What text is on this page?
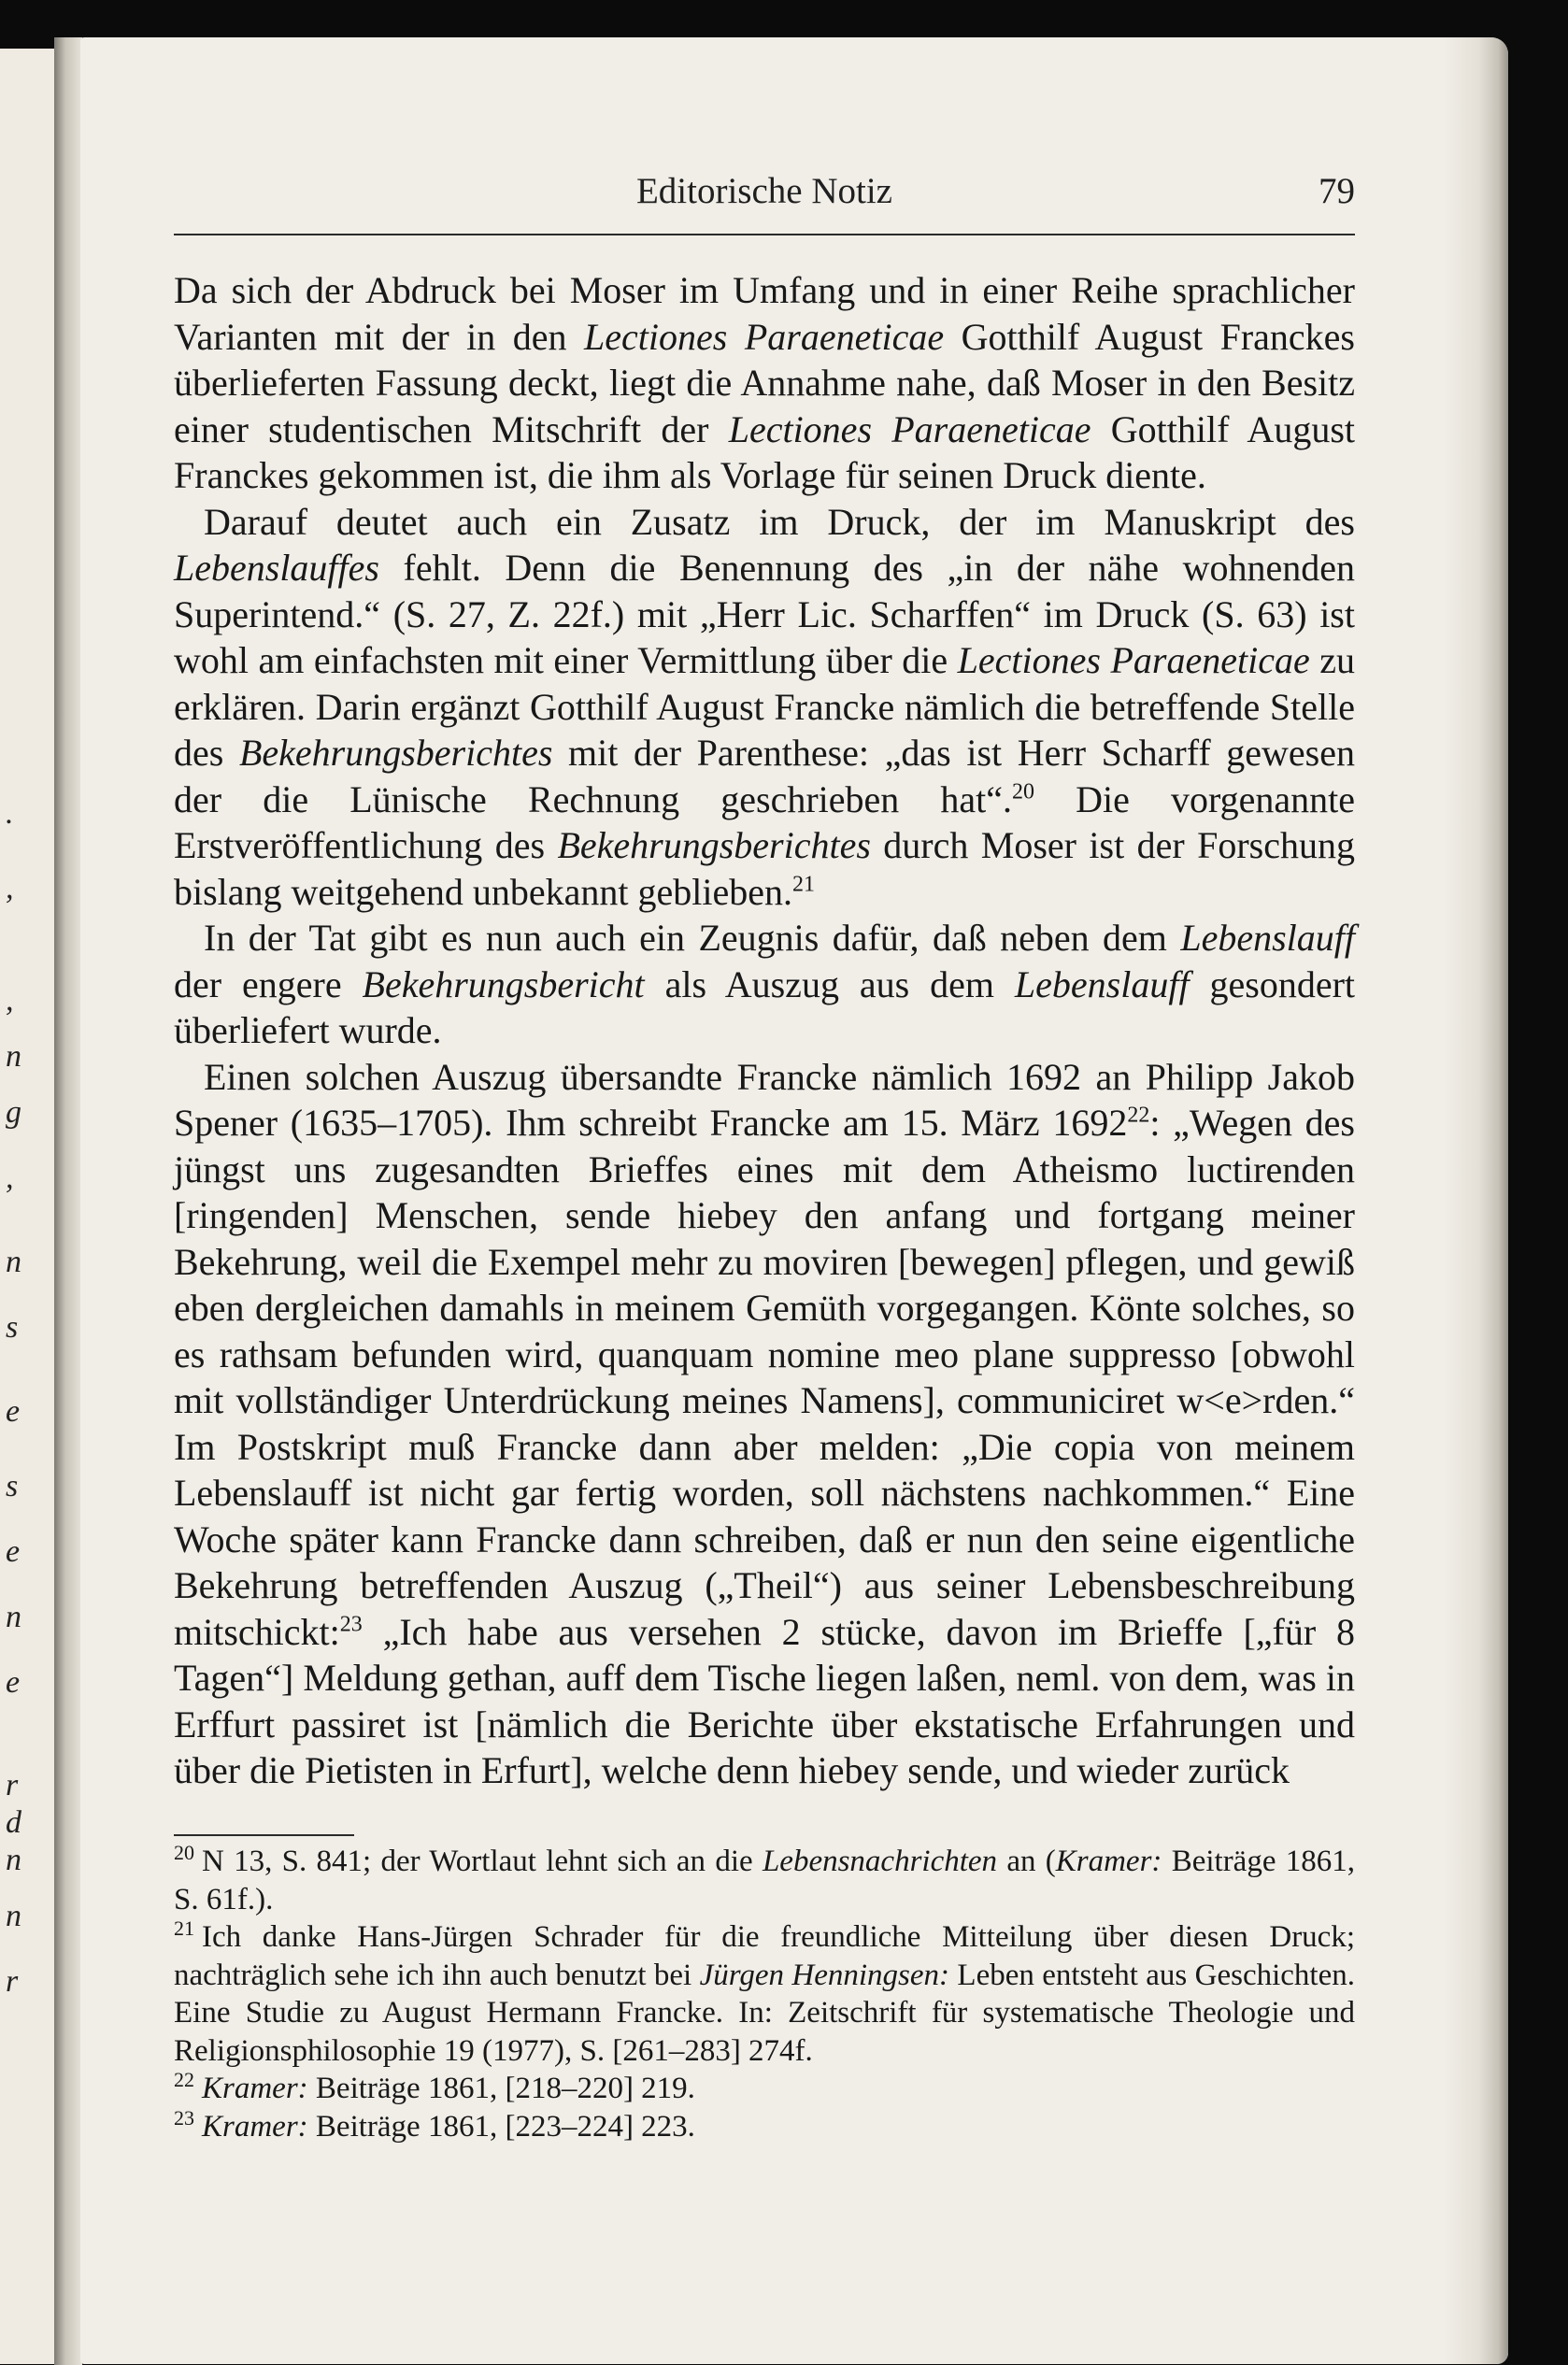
.
,
,
n
g
,
n
s
e
s
e
n
e
r
d
n
n
r
Editorische Notiz	79

Da sich der Abdruck bei Moser im Umfang und in einer Reihe sprachlicher Varianten mit der in den Lectiones Paraeneticae Gotthilf August Franckes überlieferten Fassung deckt, liegt die Annahme nahe, daß Moser in den Besitz einer studentischen Mitschrift der Lectiones Paraeneticae Gotthilf August Franckes gekommen ist, die ihm als Vorlage für seinen Druck diente.

Darauf deutet auch ein Zusatz im Druck, der im Manuskript des Lebenslauffes fehlt. Denn die Benennung des „in der nähe wohnenden Superintend.“ (S. 27, Z. 22f.) mit „Herr Lic. Scharffen“ im Druck (S. 63) ist wohl am einfachsten mit einer Vermittlung über die Lectiones Paraeneticae zu erklären. Darin ergänzt Gotthilf August Francke nämlich die betreffende Stelle des Bekehrungsberichtes mit der Parenthese: „das ist Herr Scharff gewesen der die Lünische Rechnung geschrieben hat“.$^{20}$ Die vorgenannte Erstveröffentlichung des Bekehrungsberichtes durch Moser ist der Forschung bislang weitgehend unbekannt geblieben.$^{21}$

In der Tat gibt es nun auch ein Zeugnis dafür, daß neben dem Lebenslauff der engere Bekehrungsbericht als Auszug aus dem Lebenslauff gesondert überliefert wurde.

Einen solchen Auszug übersandte Francke nämlich 1692 an Philipp Jakob Spener (1635–1705). Ihm schreibt Francke am 15. März 1692$^{22}$: „Wegen des jüngst uns zugesandten Brieffes eines mit dem Atheismo luctirenden [ringenden] Menschen, sende hiebey den anfang und fortgang meiner Bekehrung, weil die Exempel mehr zu moviren [bewegen] pflegen, und gewiß eben dergleichen damahls in meinem Gemüth vorgegangen. Könte solches, so es rathsam befunden wird, quanquam nomine meo plane suppresso [obwohl mit vollständiger Unterdrückung meines Namens], communiciret w<e>rden.“ Im Postskript muß Francke dann aber melden: „Die copia von meinem Lebenslauff ist nicht gar fertig worden, soll nächstens nachkommen.“ Eine Woche später kann Francke dann schreiben, daß er nun den seine eigentliche Bekehrung betreffenden Auszug („Theil“) aus seiner Lebensbeschreibung mitschickt:$^{23}$ „Ich habe aus versehen 2 stücke, davon im Brieffe [„für 8 Tagen“] Meldung gethan, auff dem Tische liegen laßen, neml. von dem, was in Erffurt passiret ist [nämlich die Berichte über ekstatische Erfahrungen und über die Pietisten in Erfurt], welche denn hiebey sende, und wieder zurück

$^{20}$ N 13, S. 841; der Wortlaut lehnt sich an die Lebensnachrichten an (Kramer: Beiträge 1861, S. 61f.).

$^{21}$ Ich danke Hans-Jürgen Schrader für die freundliche Mitteilung über diesen Druck; nachträglich sehe ich ihn auch benutzt bei Jürgen Henningsen: Leben entsteht aus Geschichten. Eine Studie zu August Hermann Francke. In: Zeitschrift für systematische Theologie und Religionsphilosophie 19 (1977), S. [261–283] 274f.

$^{22}$ Kramer: Beiträge 1861, [218–220] 219.

$^{23}$ Kramer: Beiträge 1861, [223–224] 223.
